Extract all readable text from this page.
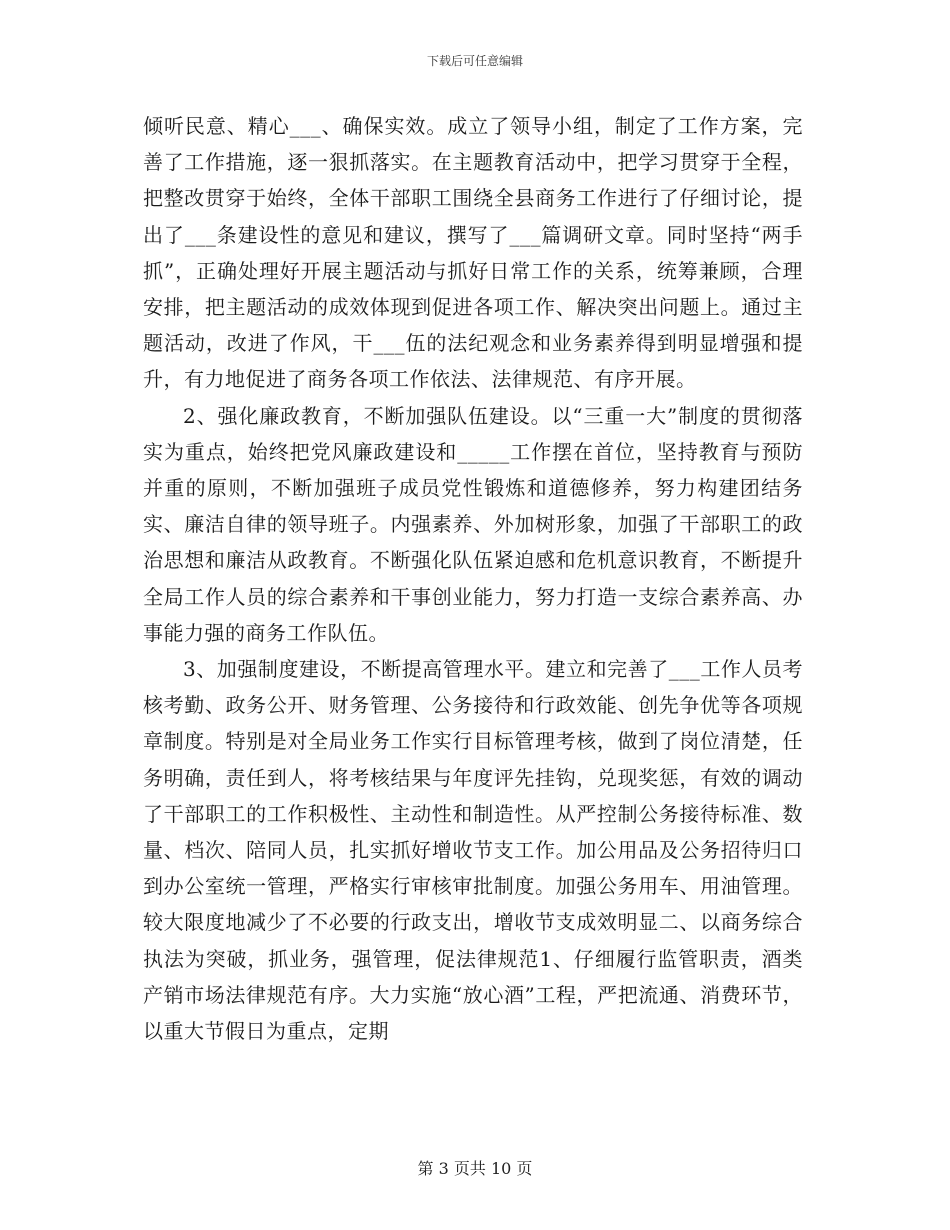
下载后可任意编辑

倾听民意、精心___、确保实效。成立了领导小组，制定了工作方案，完善了工作措施，逐一狠抓落实。在主题教育活动中，把学习贯穿于全程，把整改贯穿于始终，全体干部职工围绕全县商务工作进行了仔细讨论，提出了___条建设性的意见和建议，撰写了___篇调研文章。同时坚持“两手抓”，正确处理好开展主题活动与抓好日常工作的关系，统筹兼顾，合理安排，把主题活动的成效体现到促进各项工作、解决突出问题上。通过主题活动，改进了作风，干___伍的法纪观念和业务素养得到明显增强和提升，有力地促进了商务各项工作依法、法律规范、有序开展。

2、强化廉政教育，不断加强队伍建设。以“三重一大”制度的贯彻落实为重点，始终把党风廉政建设和_____工作摆在首位，坚持教育与预防并重的原则，不断加强班子成员党性锻炼和道德修养，努力构建团结务实、廉洁自律的领导班子。内强素养、外加树形象，加强了干部职工的政治思想和廉洁从政教育。不断强化队伍紧迫感和危机意识教育，不断提升全局工作人员的综合素养和干事创业能力，努力打造一支综合素养高、办事能力强的商务工作队伍。

3、加强制度建设，不断提高管理水平。建立和完善了___工作人员考核考勤、政务公开、财务管理、公务接待和行政效能、创先争优等各项规章制度。特别是对全局业务工作实行目标管理考核，做到了岗位清楚，任务明确，责任到人，将考核结果与年度评先挂钩，兑现奖惩，有效的调动了干部职工的工作积极性、主动性和制造性。从严控制公务接待标准、数量、档次、陪同人员，扎实抓好增收节支工作。加公用品及公务招待归口到办公室统一管理，严格实行审核审批制度。加强公务用车、用油管理。较大限度地减少了不必要的行政支出，增收节支成效明显二、以商务综合执法为突破，抓业务，强管理，促法律规范1、仔细履行监管职责，酒类产销市场法律规范有序。大力实施“放心酒”工程，严把流通、消费环节，以重大节假日为重点，定期

第 3 页共 10 页
